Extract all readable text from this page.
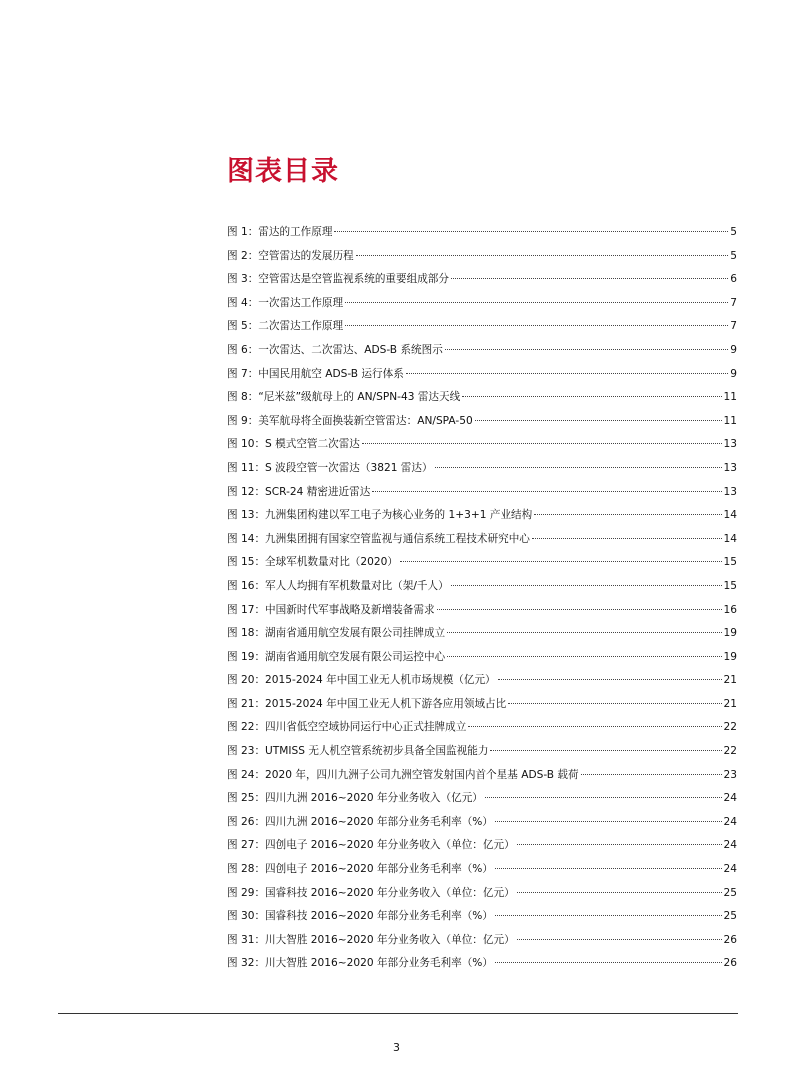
图表目录
图 1： 雷达的工作原理	5
图 2： 空管雷达的发展历程	5
图 3： 空管雷达是空管监视系统的重要组成部分	6
图 4： 一次雷达工作原理	7
图 5： 二次雷达工作原理	7
图 6： 一次雷达、二次雷达、ADS-B 系统图示	9
图 7： 中国民用航空 ADS-B 运行体系	9
图 8： “尼米兹”级航母上的 AN/SPN-43 雷达天线	11
图 9： 美军航母将全面换装新空管雷达：AN/SPA-50	11
图 10： S 模式空管二次雷达	13
图 11： S 波段空管一次雷达（3821 雷达）	13
图 12： SCR-24 精密进近雷达	13
图 13： 九洲集团构建以军工电子为核心业务的 1+3+1 产业结构	14
图 14： 九洲集团拥有国家空管监视与通信系统工程技术研究中心	14
图 15： 全球军机数量对比（2020）	15
图 16： 军人人均拥有军机数量对比（架/千人）	15
图 17： 中国新时代军事战略及新增装备需求	16
图 18： 湖南省通用航空发展有限公司挂牌成立	19
图 19： 湖南省通用航空发展有限公司运控中心	19
图 20： 2015-2024 年中国工业无人机市场规模（亿元）	21
图 21： 2015-2024 年中国工业无人机下游各应用领域占比	21
图 22： 四川省低空空域协同运行中心正式挂牌成立	22
图 23： UTMISS 无人机空管系统初步具备全国监视能力	22
图 24： 2020 年，四川九洲子公司九洲空管发射国内首个星基 ADS-B 载荷	23
图 25： 四川九洲 2016~2020 年分业务收入（亿元）	24
图 26： 四川九洲 2016~2020 年部分业务毛利率（%）	24
图 27： 四创电子 2016~2020 年分业务收入（单位：亿元）	24
图 28： 四创电子 2016~2020 年部分业务毛利率（%）	24
图 29： 国睿科技 2016~2020 年分业务收入（单位：亿元）	25
图 30： 国睿科技 2016~2020 年部分业务毛利率（%）	25
图 31： 川大智胜 2016~2020 年分业务收入（单位：亿元）	26
图 32： 川大智胜 2016~2020 年部分业务毛利率（%）	26
3
